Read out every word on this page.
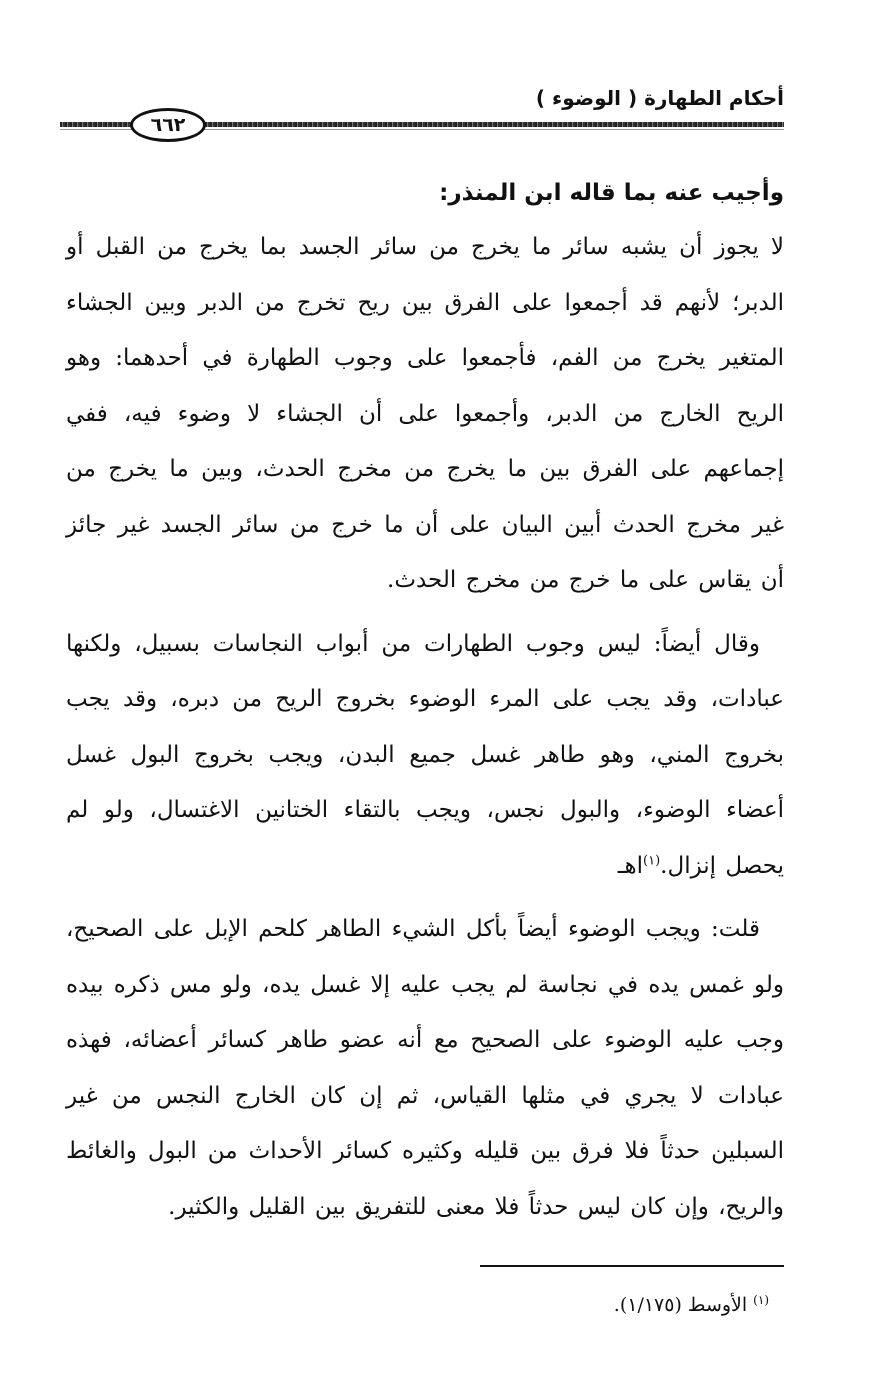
أحكام الطهارة ( الوضوء )
٦٦٢

وأجيب عنه بما قاله ابن المنذر:

لا يجوز أن يشبه سائر ما يخرج من سائر الجسد بما يخرج من القبل أو الدبر؛ لأنهم قد أجمعوا على الفرق بين ريح تخرج من الدبر وبين الجشاء المتغير يخرج من الفم، فأجمعوا على وجوب الطهارة في أحدهما: وهو الريح الخارج من الدبر، وأجمعوا على أن الجشاء لا وضوء فيه، ففي إجماعهم على الفرق بين ما يخرج من مخرج الحدث، وبين ما يخرج من غير مخرج الحدث أبين البيان على أن ما خرج من سائر الجسد غير جائز أن يقاس على ما خرج من مخرج الحدث.

وقال أيضاً: ليس وجوب الطهارات من أبواب النجاسات بسبيل، ولكنها عبادات، وقد يجب على المرء الوضوء بخروج الريح من دبره، وقد يجب بخروج المني، وهو طاهر غسل جميع البدن، ويجب بخروج البول غسل أعضاء الوضوء، والبول نجس، ويجب بالتقاء الختانين الاغتسال، ولو لم يحصل إنزال.$^{(١)}$اهـ

قلت: ويجب الوضوء أيضاً بأكل الشيء الطاهر كلحم الإبل على الصحيح، ولو غمس يده في نجاسة لم يجب عليه إلا غسل يده، ولو مس ذكره بيده وجب عليه الوضوء على الصحيح مع أنه عضو طاهر كسائر أعضائه، فهذه عبادات لا يجري في مثلها القياس، ثم إن كان الخارج النجس من غير السبلين حدثاً فلا فرق بين قليله وكثيره كسائر الأحداث من البول والغائط والريح، وإن كان ليس حدثاً فلا معنى للتفريق بين القليل والكثير.

$^{(١)}$الأوسط (١/١٧٥).
